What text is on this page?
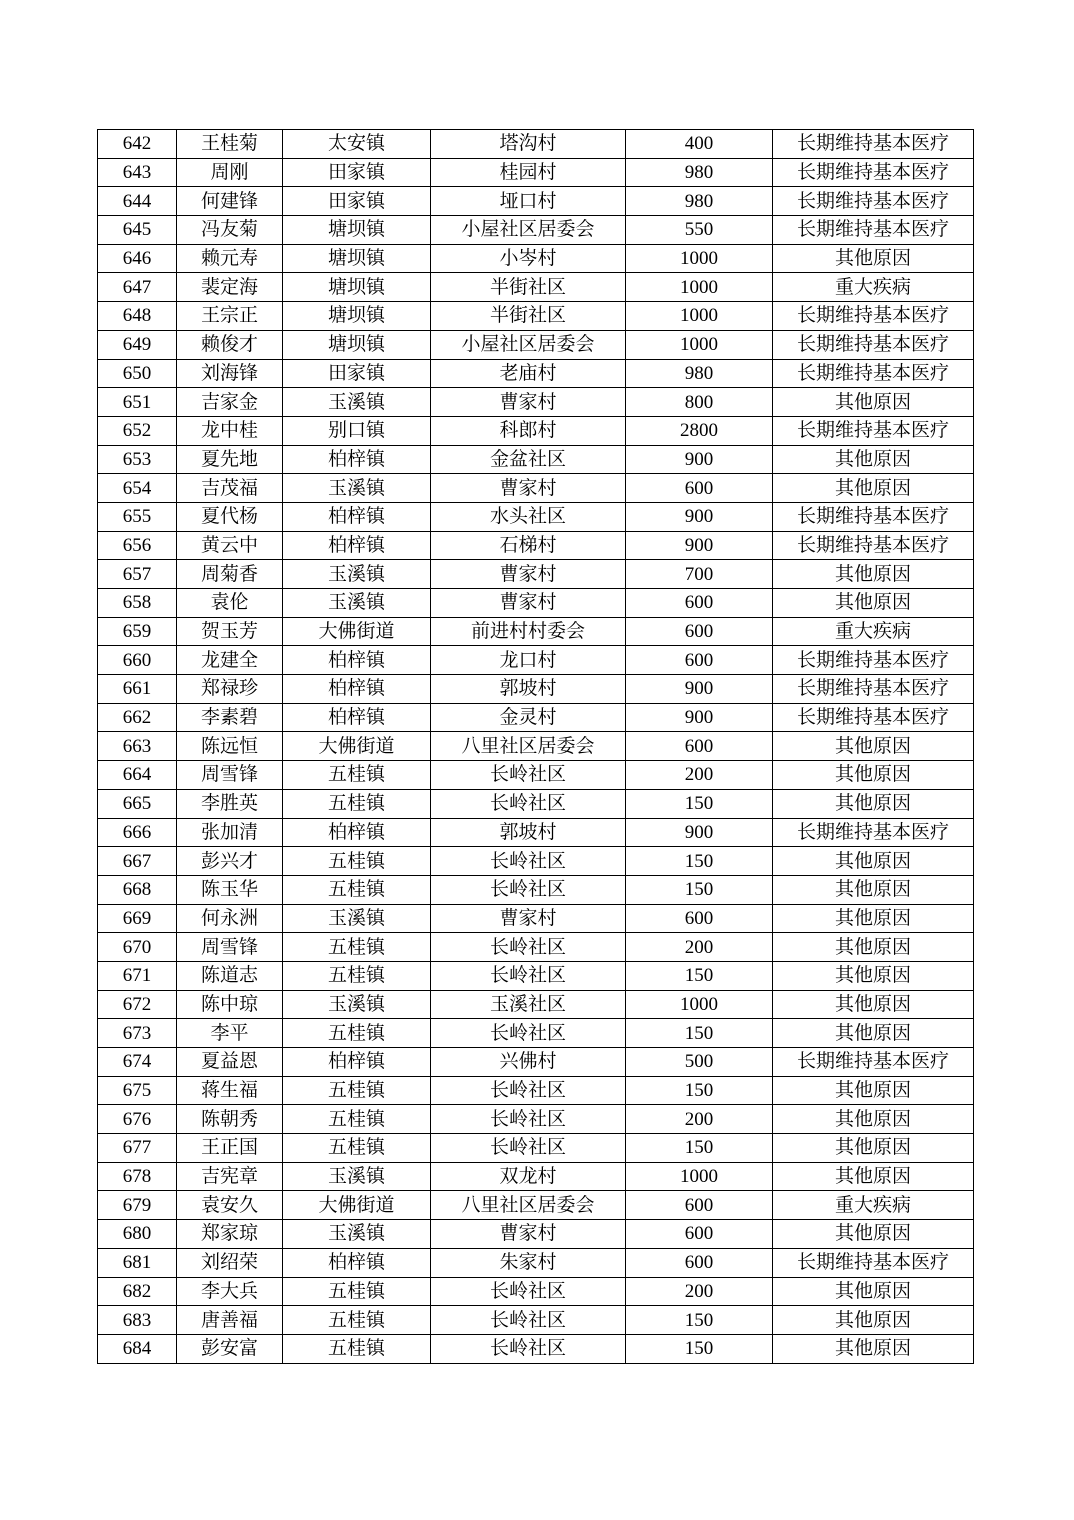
642	王桂菊	太安镇	塔沟村	400	长期维持基本医疗
643	周刚	田家镇	桂园村	980	长期维持基本医疗
644	何建锋	田家镇	垭口村	980	长期维持基本医疗
645	冯友菊	塘坝镇	小屋社区居委会	550	长期维持基本医疗
646	赖元寿	塘坝镇	小岑村	1000	其他原因
647	裴定海	塘坝镇	半街社区	1000	重大疾病
648	王宗正	塘坝镇	半街社区	1000	长期维持基本医疗
649	赖俊才	塘坝镇	小屋社区居委会	1000	长期维持基本医疗
650	刘海锋	田家镇	老庙村	980	长期维持基本医疗
651	吉家金	玉溪镇	曹家村	800	其他原因
652	龙中桂	别口镇	科郎村	2800	长期维持基本医疗
653	夏先地	柏梓镇	金盆社区	900	其他原因
654	吉茂福	玉溪镇	曹家村	600	其他原因
655	夏代杨	柏梓镇	水头社区	900	长期维持基本医疗
656	黄云中	柏梓镇	石梯村	900	长期维持基本医疗
657	周菊香	玉溪镇	曹家村	700	其他原因
658	袁伦	玉溪镇	曹家村	600	其他原因
659	贺玉芳	大佛街道	前进村村委会	600	重大疾病
660	龙建全	柏梓镇	龙口村	600	长期维持基本医疗
661	郑禄珍	柏梓镇	郭坡村	900	长期维持基本医疗
662	李素碧	柏梓镇	金灵村	900	长期维持基本医疗
663	陈远恒	大佛街道	八里社区居委会	600	其他原因
664	周雪锋	五桂镇	长岭社区	200	其他原因
665	李胜英	五桂镇	长岭社区	150	其他原因
666	张加清	柏梓镇	郭坡村	900	长期维持基本医疗
667	彭兴才	五桂镇	长岭社区	150	其他原因
668	陈玉华	五桂镇	长岭社区	150	其他原因
669	何永洲	玉溪镇	曹家村	600	其他原因
670	周雪锋	五桂镇	长岭社区	200	其他原因
671	陈道志	五桂镇	长岭社区	150	其他原因
672	陈中琼	玉溪镇	玉溪社区	1000	其他原因
673	李平	五桂镇	长岭社区	150	其他原因
674	夏益恩	柏梓镇	兴佛村	500	长期维持基本医疗
675	蒋生福	五桂镇	长岭社区	150	其他原因
676	陈朝秀	五桂镇	长岭社区	200	其他原因
677	王正国	五桂镇	长岭社区	150	其他原因
678	吉宪章	玉溪镇	双龙村	1000	其他原因
679	袁安久	大佛街道	八里社区居委会	600	重大疾病
680	郑家琼	玉溪镇	曹家村	600	其他原因
681	刘绍荣	柏梓镇	朱家村	600	长期维持基本医疗
682	李大兵	五桂镇	长岭社区	200	其他原因
683	唐善福	五桂镇	长岭社区	150	其他原因
684	彭安富	五桂镇	长岭社区	150	其他原因
